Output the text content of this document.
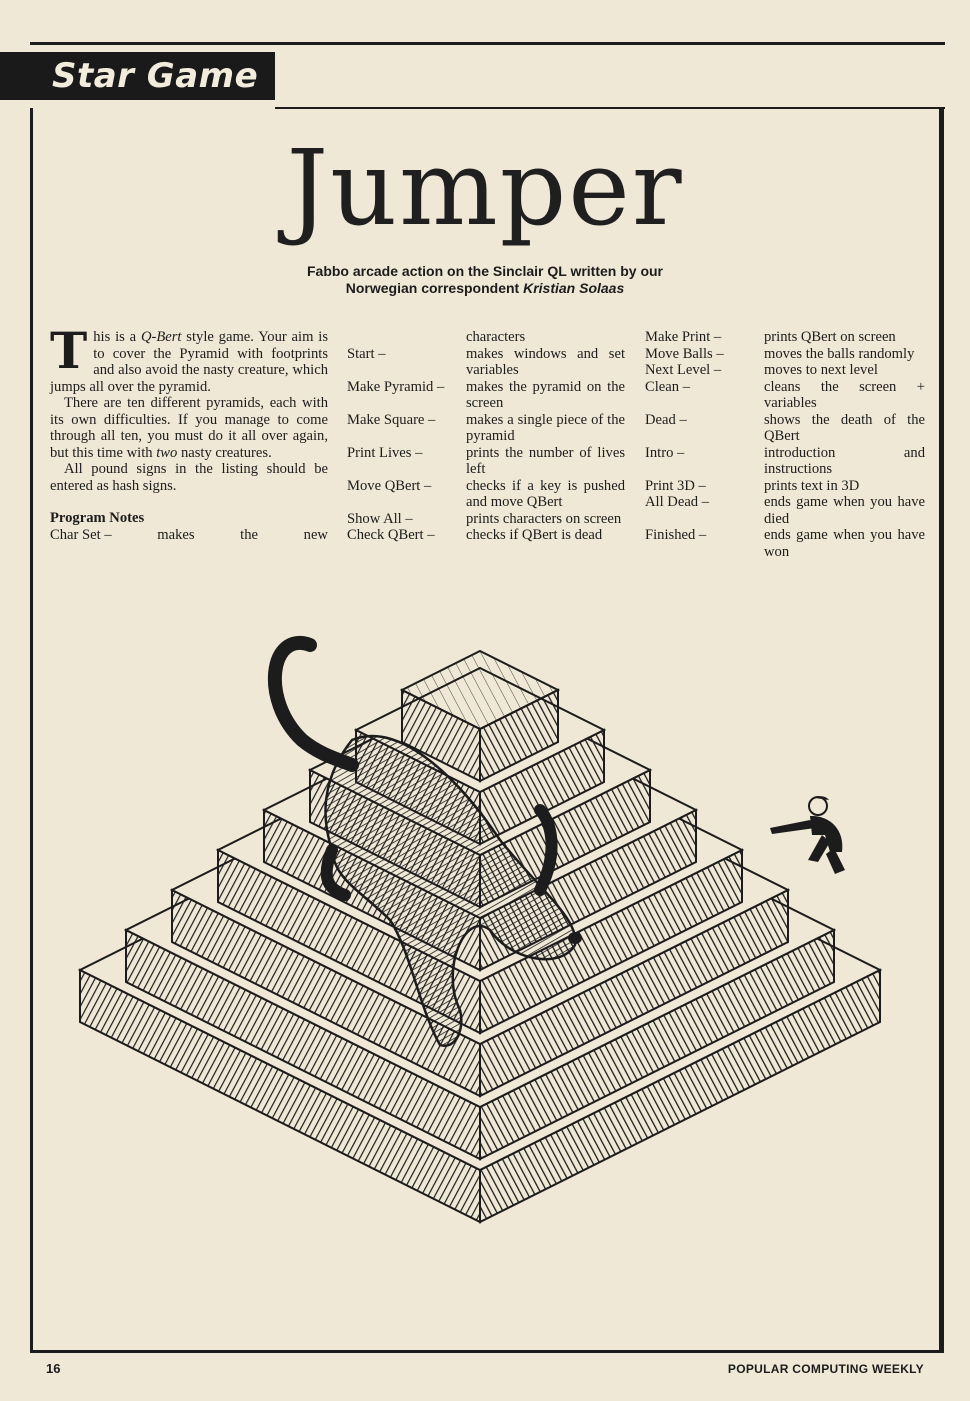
Star Game
Jumper
Fabbo arcade action on the Sinclair QL written by our
Norwegian correspondent Kristian Solaas

This is a Q-Bert style game. Your aim is to cover the Pyramid with footprints and also avoid the nasty creature, which jumps all over the pyramid.

There are ten different pyramids, each with its own difficulties. If you manage to come through all ten, you must do it all over again, but this time with two nasty creatures.

All pound signs in the listing should be entered as hash signs.

Program Notes

Char Set –	makes	the	new
	characters
Start –	makes windows and set variables
Make Pyramid –	makes the pyramid on the screen
Make Square –	makes a single piece of the pyramid
Print Lives –	prints the number of lives left
Move QBert –	checks if a key is pushed and move QBert
Show All –	prints characters on screen
Check QBert –	checks if QBert is dead
Make Print –	prints QBert on screen
Move Balls –	moves the balls randomly
Next Level –	moves to next level
Clean –	cleans the screen + variables
Dead –	shows the death of the QBert
Intro –	introduction and instructions
Print 3D –	prints text in 3D
All Dead –	ends game when you have died
Finished –	ends game when you have won
16	POPULAR COMPUTING WEEKLY
